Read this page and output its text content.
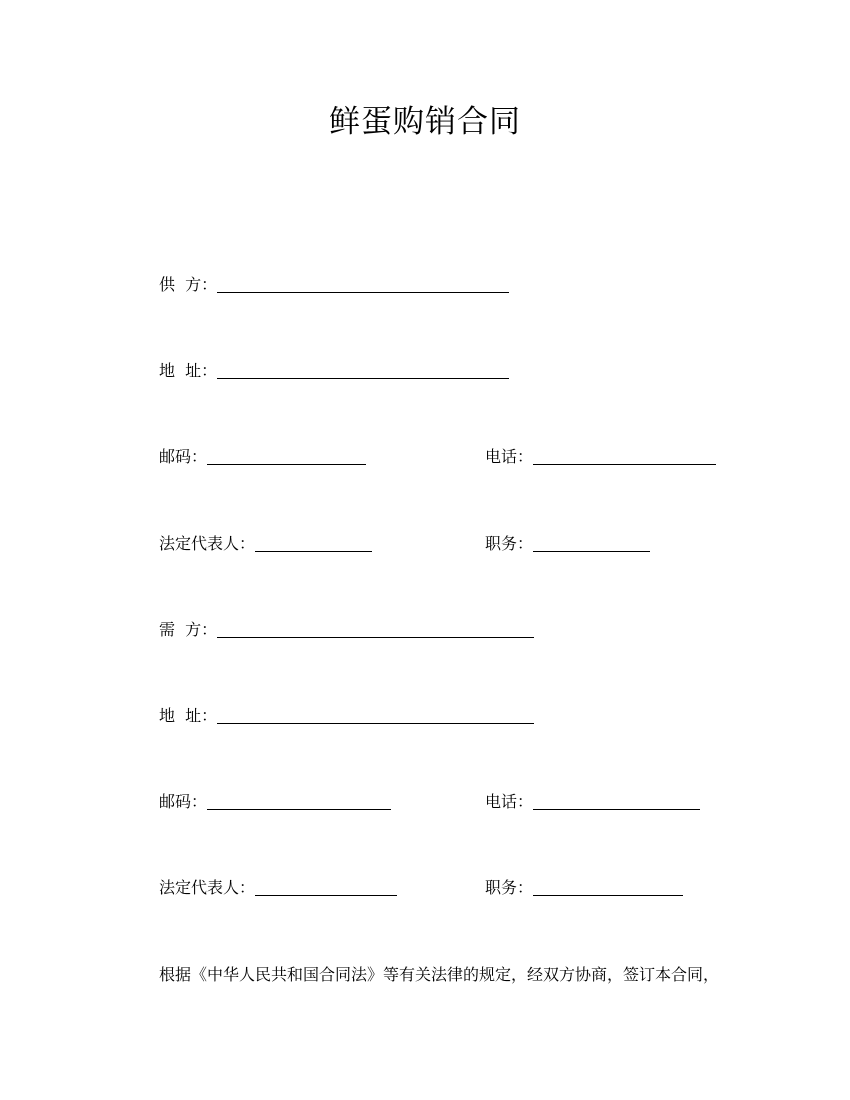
鲜蛋购销合同
供  方：
地  址：
邮码：	电话：
法定代表人：	职务：
需  方：
地  址：
邮码：	电话：
法定代表人：	职务：
根据《中华人民共和国合同法》等有关法律的规定，经双方协商，签订本合同，
